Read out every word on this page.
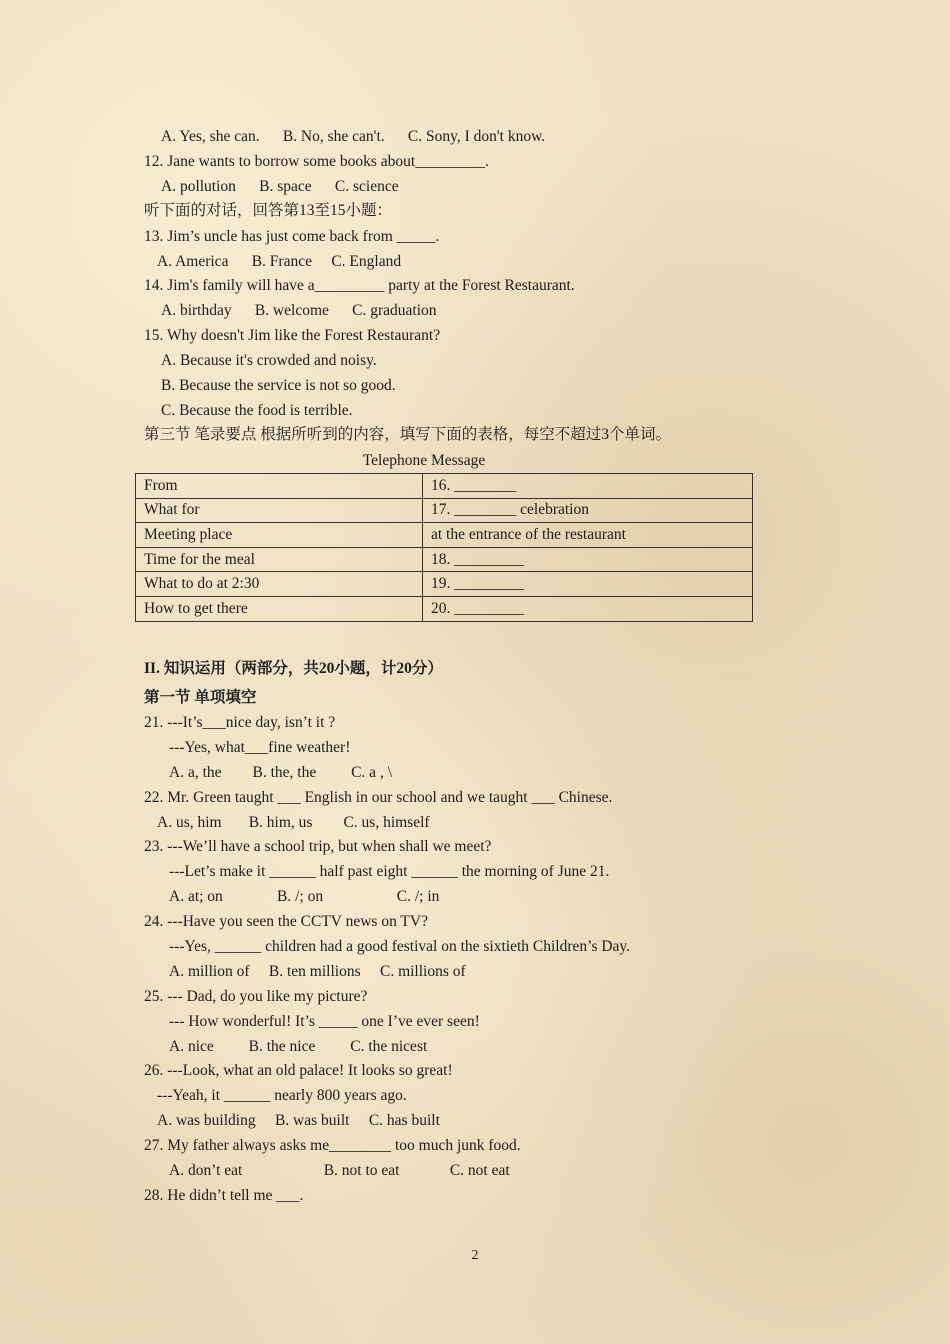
A. Yes, she can.      B. No, she can't.      C. Sony, I don't know.
12. Jane wants to borrow some books about_________.
A. pollution      B. space      C. science
听下面的对话，回答第13至15小题：
13. Jim’s uncle has just come back from _____.
A. America      B. France     C. England
14. Jim's family will have a_________ party at the Forest Restaurant.
A. birthday      B. welcome      C. graduation
15. Why doesn't Jim like the Forest Restaurant?
A. Because it's crowded and noisy.
B. Because the service is not so good.
C. Because the food is terrible.
第三节 笔录要点 根据所听到的内容，填写下面的表格，每空不超过3个单词。
Telephone Message
From	16. ________
What for	17. ________ celebration
Meeting place	at the entrance of the restaurant
Time for the meal	18. _________
What to do at 2:30	19. _________
How to get there	20. _________
II. 知识运用（两部分，共20小题，计20分）
第一节 单项填空
21. ---It’s___nice day, isn’t it ?
---Yes, what___fine weather!
A. a, the        B. the, the         C. a , \
22. Mr. Green taught ___ English in our school and we taught ___ Chinese.
A. us, him       B. him, us        C. us, himself
23. ---We’ll have a school trip, but when shall we meet?
---Let’s make it ______ half past eight ______ the morning of June 21.
A. at; on              B. /; on                   C. /; in
24. ---Have you seen the CCTV news on TV?
---Yes, ______ children had a good festival on the sixtieth Children’s Day.
A. million of     B. ten millions     C. millions of
25. --- Dad, do you like my picture?
--- How wonderful! It’s _____ one I’ve ever seen!
A. nice         B. the nice         C. the nicest
26. ---Look, what an old palace! It looks so great!
---Yeah, it ______ nearly 800 years ago.
A. was building     B. was built     C. has built
27. My father always asks me________ too much junk food.
A. don’t eat                     B. not to eat             C. not eat
28. He didn’t tell me ___.
2
